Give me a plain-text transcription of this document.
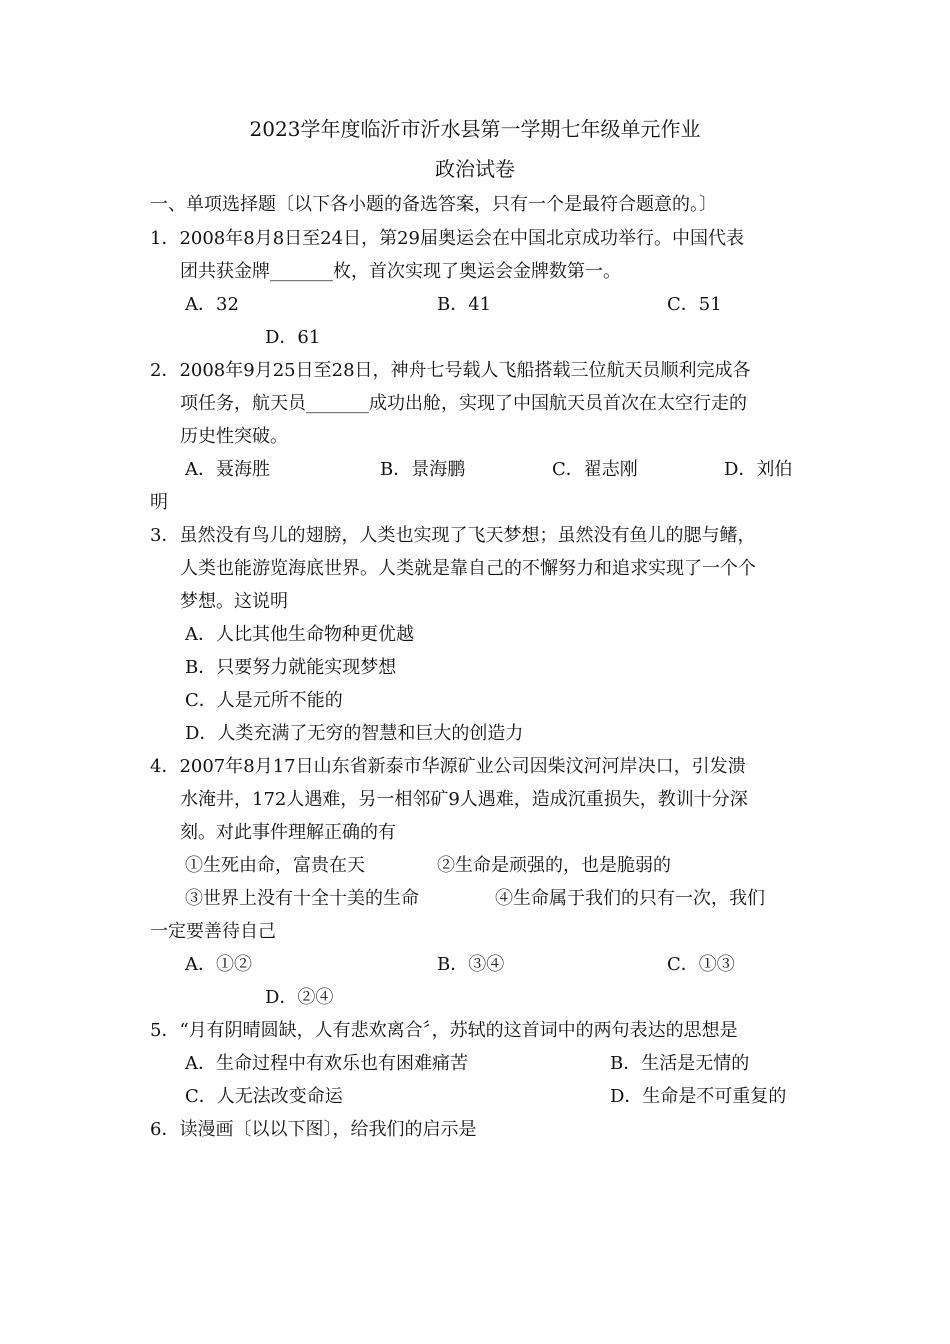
2023学年度临沂市沂水县第一学期七年级单元作业
政治试卷
一、单项选择题〔以下各小题的备选答案，只有一个是最符合题意的。〕
1．2008年8月8日至24日，第29届奥运会在中国北京成功举行。中国代表
团共获金牌_______枚，首次实现了奥运会金牌数第一。
A．32	B．41	C．51
D．61
2．2008年9月25日至28日，神舟七号载人飞船搭载三位航天员顺利完成各
项任务，航天员_______成功出舱，实现了中国航天员首次在太空行走的
历史性突破。
A．聂海胜	B．景海鹏	C．翟志刚	D．刘伯
明
3．虽然没有鸟儿的翅膀，人类也实现了飞天梦想；虽然没有鱼儿的腮与鳍，
人类也能游览海底世界。人类就是靠自己的不懈努力和追求实现了一个个
梦想。这说明
A．人比其他生命物种更优越
B．只要努力就能实现梦想
C．人是元所不能的
D．人类充满了无穷的智慧和巨大的创造力
4．2007年8月17日山东省新泰市华源矿业公司因柴汶河河岸决口，引发溃
水淹井，172人遇难，另一相邻矿9人遇难，造成沉重损失，教训十分深
刻。对此事件理解正确的有
①生死由命，富贵在天	②生命是顽强的，也是脆弱的
③世界上没有十全十美的生命	④生命属于我们的只有一次，我们
一定要善待自己
A．①②	B．③④	C．①③
D．②④
5．“月有阴晴圆缺，人有悲欢离合〞，苏轼的这首词中的两句表达的思想是
A．生命过程中有欢乐也有困难痛苦	B．生活是无情的
C．人无法改变命运	D．生命是不可重复的
6．读漫画〔以以下图〕，给我们的启示是
